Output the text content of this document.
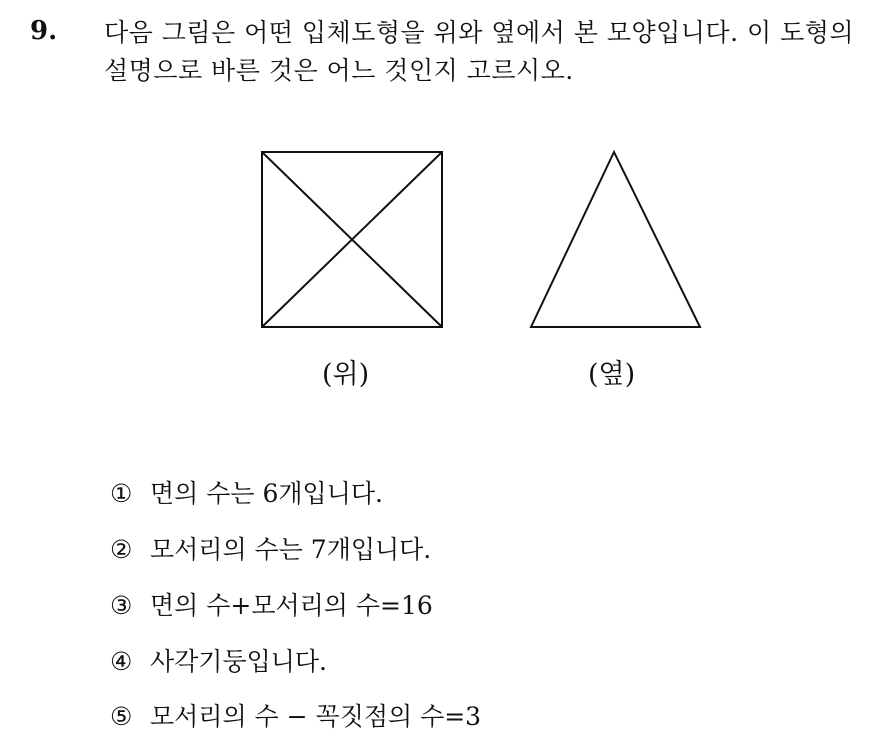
9. 다음 그림은 어떤 입체도형을 위와 옆에서 본 모양입니다. 이 도형의
설명으로 바른 것은 어느 것인지 고르시오.
(위)	(옆)
① 면의 수는 6개입니다.
② 모서리의 수는 7개입니다.
③ 면의 수+모서리의 수=16
④ 사각기둥입니다.
⑤ 모서리의 수 − 꼭짓점의 수=3
